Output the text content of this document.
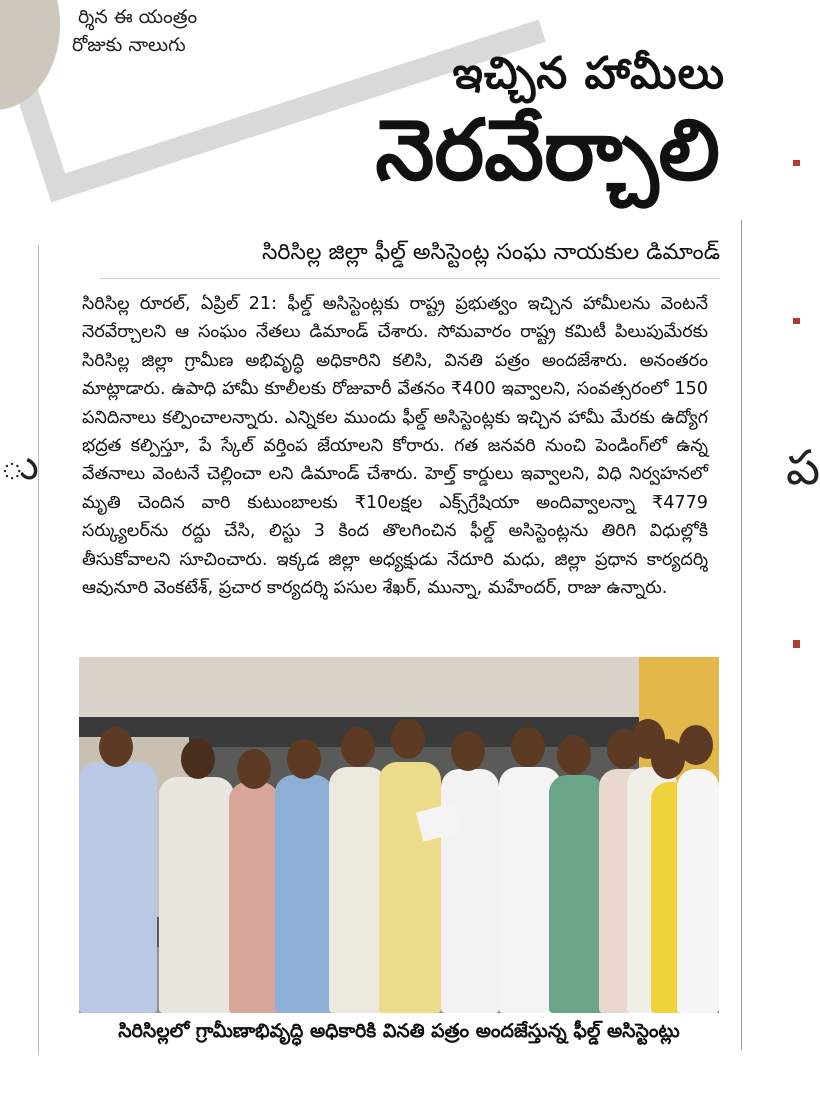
ర్శిన ఈ యంత్రం
రోజుకు నాలుగు
ు	ప
ఇచ్చిన హామీలు
నెరవేర్చాలి
సిరిసిల్ల జిల్లా ఫీల్డ్ అసిస్టెంట్ల సంఘ నాయకుల డిమాండ్
సిరిసిల్ల రూరల్, ఏప్రిల్ 21: ఫీల్డ్ అసిస్టెంట్లకు రాష్ట్ర ప్రభుత్వం ఇచ్చిన హామీలను వెంటనే నెరవేర్చాలని ఆ సంఘం నేతలు డిమాండ్ చేశారు. సోమవారం రాష్ట్ర కమిటీ పిలుపుమేరకు సిరిసిల్ల జిల్లా గ్రామీణ అభివృద్ధి అధికారిని కలిసి, వినతి పత్రం అందజేశారు. అనంతరం మాట్లాడారు. ఉపాధి హామీ కూలీలకు రోజువారీ వేతనం ₹400 ఇవ్వాలని, సంవత్సరంలో 150 పనిదినాలు కల్పించాలన్నారు. ఎన్నికల ముందు ఫీల్డ్ అసిస్టెంట్లకు ఇచ్చిన హామీ మేరకు ఉద్యోగ భద్రత కల్పిస్తూ, పే స్కేల్ వర్తింప జేయాలని కోరారు. గత జనవరి నుంచి పెండింగ్‌లో ఉన్న వేతనాలు వెంటనే చెల్లించా లని డిమాండ్ చేశారు. హెల్త్ కార్డులు ఇవ్వాలని, విధి నిర్వహనలో మృతి చెందిన వారి కుటుంబాలకు ₹10లక్షల ఎక్స్‌గ్రేషియా అందివ్వాలన్నా ₹4779 సర్క్యులర్‌ను రద్దు చేసి, లిస్టు 3 కింద తొలగించిన ఫీల్డ్ అసిస్టెంట్లను తిరిగి విధుల్లోకి తీసుకోవాలని సూచించారు. ఇక్కడ జిల్లా అధ్యక్షుడు నేదూరి మధు, జిల్లా ప్రధాన కార్యదర్శి ఆవునూరి వెంకటేశ్, ప్రచార కార్యదర్శి పసుల శేఖర్, మున్నా, మహేందర్, రాజు ఉన్నారు.
సిరిసిల్లలో గ్రామీణాభివృద్ధి అధికారికి వినతి పత్రం అందజేస్తున్న ఫీల్డ్ అసిస్టెంట్లు
